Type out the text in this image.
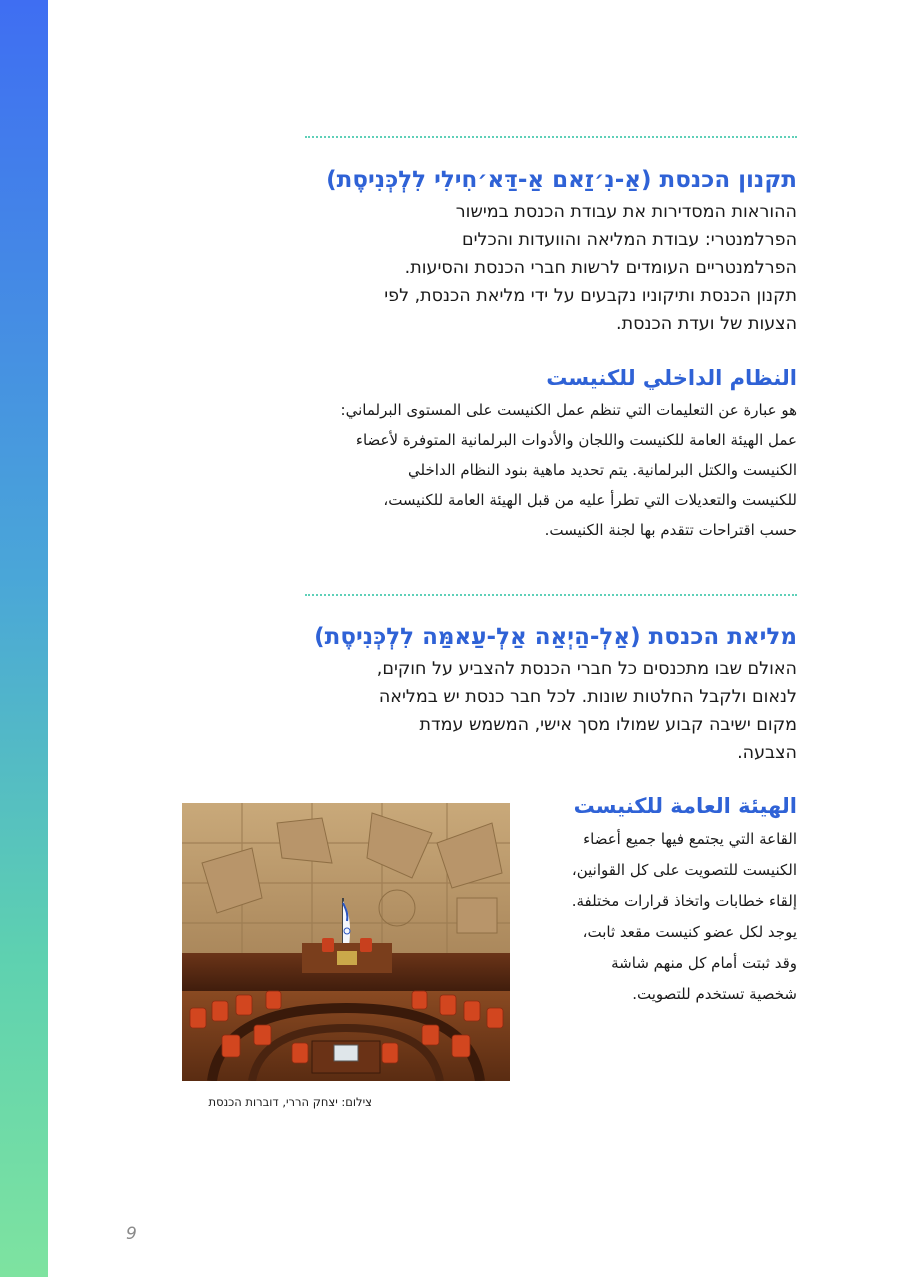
תקנון הכנסת (אַ-נִ׳זַאם אַ-דַּא׳חִילִי לִלְכְּנִיסֶת)

ההוראות המסדירות את עבודת הכנסת במישור
הפרלמנטרי: עבודת המליאה והוועדות והכלים
הפרלמנטריים העומדים לרשות חברי הכנסת והסיעות.
תקנון הכנסת ותיקוניו נקבעים על ידי מליאת הכנסת, לפי
הצעות של ועדת הכנסת.

النظام الداخلي للكنيست

هو عبارة عن التعليمات التي تنظم عمل الكنيست على المستوى البرلماني:
عمل الهيئة العامة للكنيست واللجان والأدوات البرلمانية المتوفرة لأعضاء
الكنيست والكتل البرلمانية. يتم تحديد ماهية بنود النظام الداخلي
للكنيست والتعديلات التي تطرأ عليه من قبل الهيئة العامة للكنيست،
حسب اقتراحات تتقدم بها لجنة الكنيست.

מליאת הכנסת (אַלְ-הַיְאַה אַלְ-עַאמַּה לִלְכְּנִיסֶת)

האולם שבו מתכנסים כל חברי הכנסת להצביע על חוקים,
לנאום ולקבל החלטות שונות. לכל חבר כנסת יש במליאה
מקום ישיבה קבוע שמולו מסך אישי, המשמש עמדת
הצבעה.

الهيئة العامة للكنيست

القاعة التي يجتمع فيها جميع أعضاء
الكنيست للتصويت على كل القوانين،
إلقاء خطابات واتخاذ قرارات مختلفة.
يوجد لكل عضو كنيست مقعد ثابت،
وقد ثبتت أمام كل منهم شاشة
شخصية تستخدم للتصويت.

צילום: יצחק הררי, דוברות הכנסת
9
